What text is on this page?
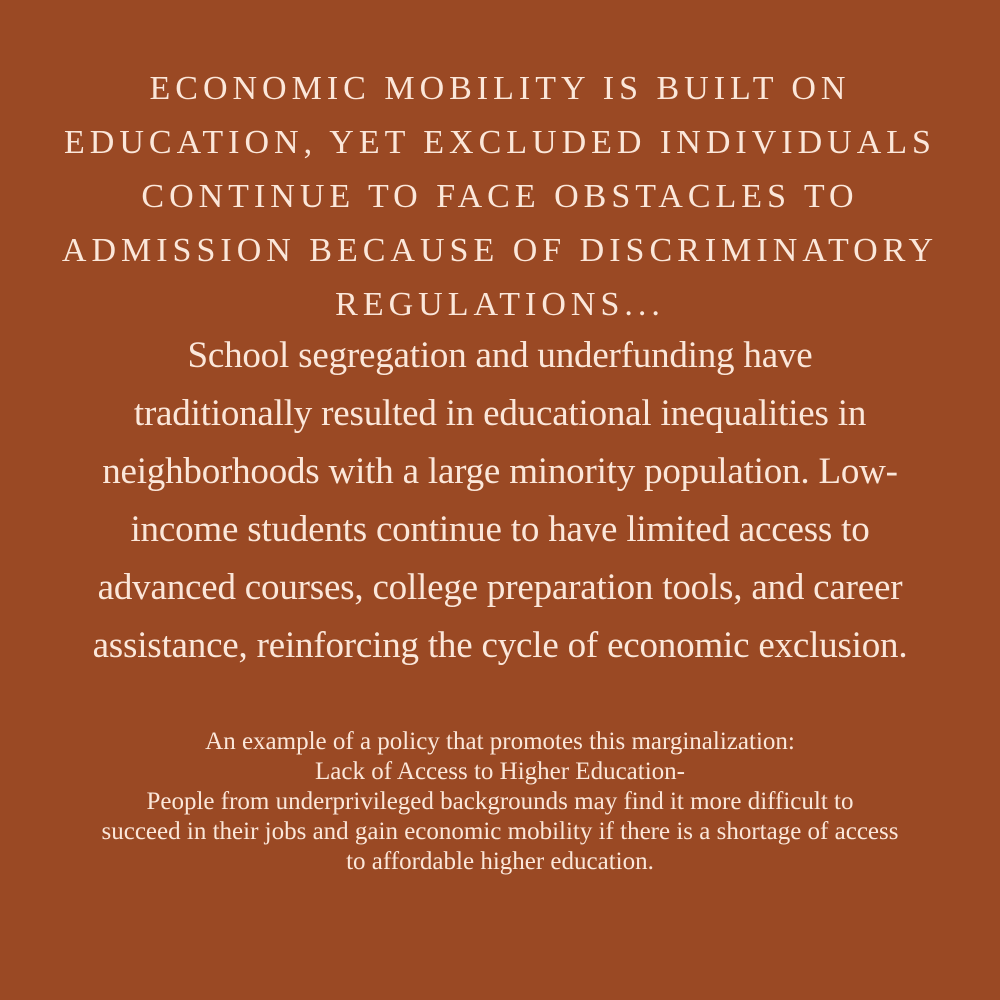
ECONOMIC MOBILITY IS BUILT ON
EDUCATION, YET EXCLUDED INDIVIDUALS
CONTINUE TO FACE OBSTACLES TO
ADMISSION BECAUSE OF DISCRIMINATORY
REGULATIONS...

School segregation and underfunding have
traditionally resulted in educational inequalities in
neighborhoods with a large minority population. Low-
income students continue to have limited access to
advanced courses, college preparation tools, and career
assistance, reinforcing the cycle of economic exclusion.

An example of a policy that promotes this marginalization:
Lack of Access to Higher Education-
People from underprivileged backgrounds may find it more difficult to
succeed in their jobs and gain economic mobility if there is a shortage of access
to affordable higher education.
